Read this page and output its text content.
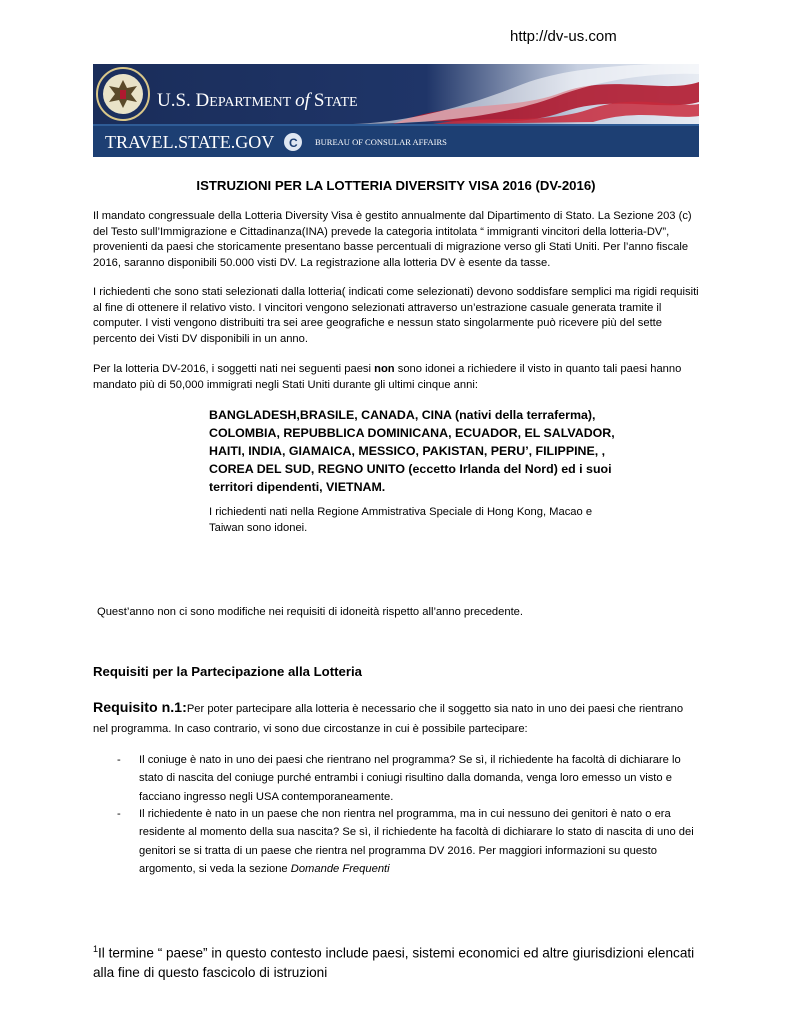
http://dv-us.com
U.S. DEPARTMENT of STATE
TRAVEL.STATE.GOV C BUREAU OF CONSULAR AFFAIRS
ISTRUZIONI PER LA LOTTERIA DIVERSITY VISA 2016 (DV-2016)
Il mandato congressuale della Lotteria Diversity Visa è gestito annualmente dal Dipartimento di Stato. La Sezione 203 (c) del Testo sull’Immigrazione e Cittadinanza(INA) prevede la categoria intitolata “ immigranti vincitori della lotteria-DV”, provenienti da paesi che storicamente presentano basse percentuali di migrazione verso gli Stati Uniti. Per l’anno fiscale 2016, saranno disponibili 50.000 visti DV. La registrazione alla lotteria DV è esente da tasse.
I richiedenti che sono stati selezionati dalla lotteria( indicati come selezionati) devono soddisfare semplici ma rigidi requisiti al fine di ottenere il relativo visto. I vincitori vengono selezionati attraverso un’estrazione casuale generata tramite il computer. I visti vengono distribuiti tra sei aree geografiche e nessun stato singolarmente può ricevere più del sette percento dei Visti DV disponibili in un anno.
Per la lotteria DV-2016, i soggetti nati nei seguenti paesi non sono idonei a richiedere il visto in quanto tali paesi hanno mandato più di 50,000 immigrati negli Stati Uniti durante gli ultimi cinque anni:
BANGLADESH,BRASILE, CANADA, CINA (nativi della terraferma), COLOMBIA, REPUBBLICA DOMINICANA, ECUADOR, EL SALVADOR, HAITI, INDIA, GIAMAICA, MESSICO, PAKISTAN, PERU’, FILIPPINE, , COREA DEL SUD, REGNO UNITO (eccetto Irlanda del Nord) ed i suoi territori dipendenti, VIETNAM.
I richiedenti nati nella Regione Ammistrativa Speciale di Hong Kong, Macao e Taiwan sono idonei.
Quest’anno non ci sono modifiche nei requisiti di idoneità rispetto all’anno precedente.
Requisiti per la Partecipazione alla Lotteria
Requisito n.1:Per poter partecipare alla lotteria è necessario che il soggetto sia nato in uno dei paesi che rientrano nel programma. In caso contrario, vi sono due circostanze in cui è possibile partecipare:
- Il coniuge è nato in uno dei paesi che rientrano nel programma? Se sì, il richiedente ha facoltà di dichiarare lo stato di nascita del coniuge purché entrambi i coniugi risultino dalla domanda, venga loro emesso un visto e facciano ingresso negli USA contemporaneamente.
- Il richiedente è nato in un paese che non rientra nel programma, ma in cui nessuno dei genitori è nato o era residente al momento della sua nascita? Se sì, il richiedente ha facoltà di dichiarare lo stato di nascita di uno dei genitori se si tratta di un paese che rientra nel programma DV 2016. Per maggiori informazioni su questo argomento, si veda la sezione Domande Frequenti
$^1$Il termine “ paese” in questo contesto include paesi, sistemi economici ed altre giurisdizioni elencati alla fine di questo fascicolo di istruzioni
